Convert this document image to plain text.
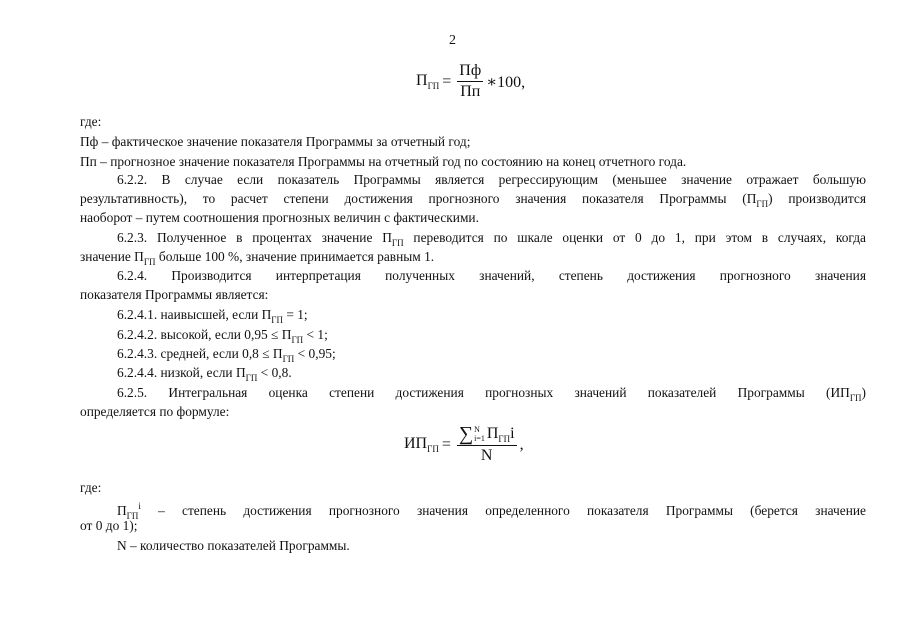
2
$П_{ГП} = \frac{Пф}{Пп}$ ∗100,
где:
Пф – фактическое значение показателя Программы за отчетный год;
Пп – прогнозное значение показателя Программы на отчетный год по состоянию на конец отчетного года.
6.2.2. В случае если показатель Программы является регрессирующим (меньшее значение отражает большую
результативность), то расчет степени достижения прогнозного значения показателя Программы $(П_{ГП})$ производится
наоборот – путем соотношения прогнозных величин с фактическими.
6.2.3. Полученное в процентах значение $П_{ГП}$ переводится по шкале оценки от 0 до 1, при этом в случаях, когда
значение $П_{ГП}$ больше 100 %, значение принимается равным 1.
6.2.4. Производится интерпретация полученных значений, степень достижения прогнозного значения
показателя Программы является:
6.2.4.1. наивысшей, если $П_{ГП} = 1$;
6.2.4.2. высокой, если $0,95 \le П_{ГП} < 1$;
6.2.4.3. средней, если $0,8 \le П_{ГП} < 0,95$;
6.2.4.4. низкой, если $П_{ГП} < 0,8$.
6.2.5. Интегральная оценка степени достижения прогнозных значений показателей Программы $(ИП_{ГП})$
определяется по формуле:
$ИП_{ГП}$ = ∑ N
i=1 $П_{ГП}i$
N ,
где:
$П_{ГП}^i$ – степень достижения прогнозного значения определенного показателя Программы (берется значение
от 0 до 1);
N – количество показателей Программы.
